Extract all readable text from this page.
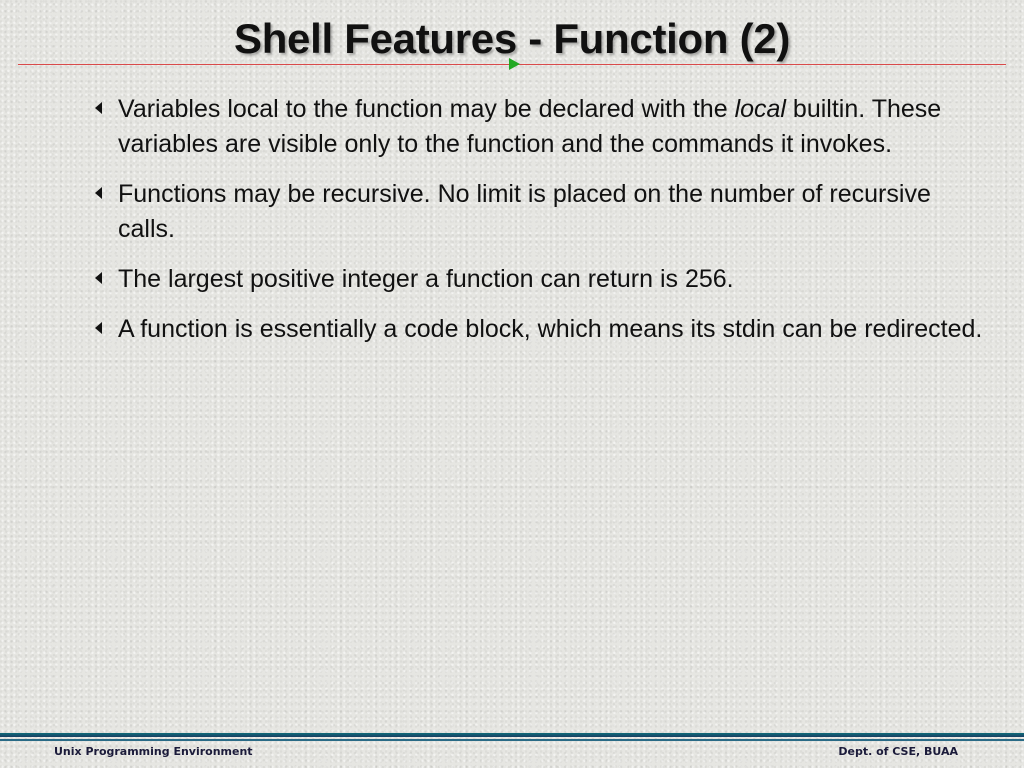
Shell Features - Function (2)
Variables local to the function may be declared with the local builtin. These variables are visible only to the function and the commands it invokes.
Functions may be recursive. No limit is placed on the number of recursive calls.
The largest positive integer a function can return is 256.
A function is essentially a code block, which means its stdin can be redirected.
Unix Programming Environment	Dept. of CSE, BUAA
